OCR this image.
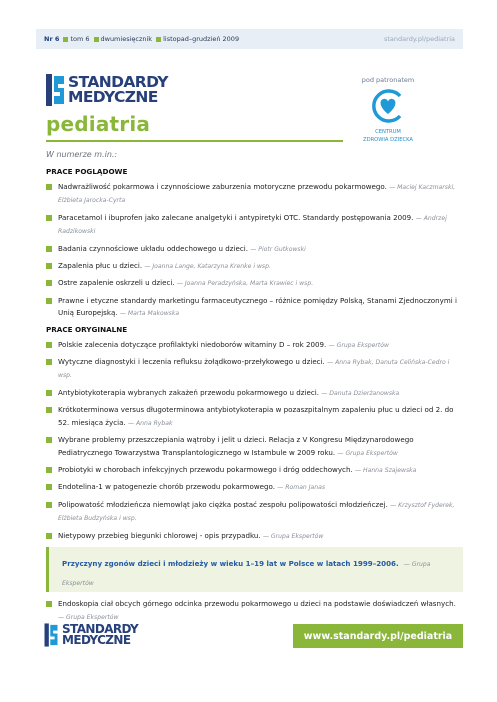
Nr 6 tom 6 dwumiesięcznik listopad–grudzień 2009	standardy.pl/pediatria
STANDARDY
MEDYCZNE
pediatria
pod patronatem
CENTRUM
ZDROWIA DZIECKA
W numerze m.in.:
PRACE POGLĄDOWE
Nadwrażliwość pokarmowa i czynnościowe zaburzenia motoryczne przewodu pokarmowego. — Maciej Kaczmarski, Elżbieta Jarocka-Cyrta
Paracetamol i ibuprofen jako zalecane analgetyki i antypiretyki OTC. Standardy postępowania 2009. — Andrzej Radzikowski
Badania czynnościowe układu oddechowego u dzieci. — Piotr Gutkowski
Zapalenia płuc u dzieci. — Joanna Lange, Katarzyna Krenke i wsp.
Ostre zapalenie oskrzeli u dzieci. — Joanna Peradzyńska, Marta Krawiec i wsp.
Prawne i etyczne standardy marketingu farmaceutycznego – różnice pomiędzy Polską, Stanami Zjednoczonymi i Unią Europejską. — Marta Makowska
PRACE ORYGINALNE
Polskie zalecenia dotyczące profilaktyki niedoborów witaminy D – rok 2009. — Grupa Ekspertów
Wytyczne diagnostyki i leczenia refluksu żołądkowo-przełykowego u dzieci. — Anna Rybak, Danuta Celińska-Cedro i wsp.
Antybiotykoterapia wybranych zakażeń przewodu pokarmowego u dzieci. — Danuta Dzierżanowska
Krótkoterminowa versus długoterminowa antybiotykoterapia w pozaszpitalnym zapaleniu płuc u dzieci od 2. do 52. miesiąca życia. — Anna Rybak
Wybrane problemy przeszczepiania wątroby i jelit u dzieci. Relacja z V Kongresu Międzynarodowego Pediatrycznego Towarzystwa Transplantologicznego w Istambule w 2009 roku. — Grupa Ekspertów
Probiotyki w chorobach infekcyjnych przewodu pokarmowego i dróg oddechowych. — Hanna Szajewska
Endotelina-1 w patogenezie chorób przewodu pokarmowego. — Roman Janas
Polipowatość młodzieńcza niemowląt jako ciężka postać zespołu polipowatości młodzieńczej. — Krzysztof Fyderek, Elżbieta Budzyńska i wsp.
Nietypowy przebieg biegunki chlorowej - opis przypadku. — Grupa Ekspertów
Przyczyny zgonów dzieci i młodzieży w wieku 1–19 lat w Polsce w latach 1999–2006. — Grupa Ekspertów
Endoskopia ciał obcych górnego odcinka przewodu pokarmowego u dzieci na podstawie doświadczeń własnych. — Grupa Ekspertów
STANDARDY
MEDYCZNE	www.standardy.pl/pediatria
